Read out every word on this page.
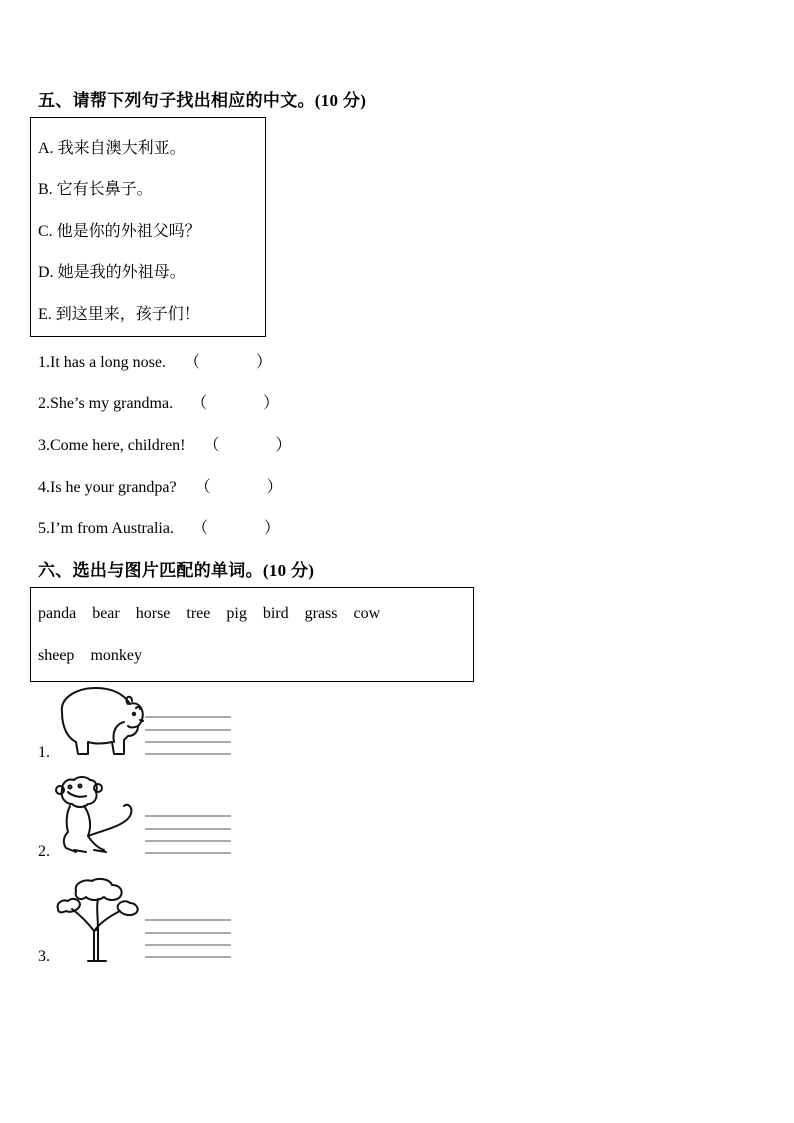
五、请帮下列句子找出相应的中文。(10 分)
A. 我来自澳大利亚。
B. 它有长鼻子。
C. 他是你的外祖父吗？
D. 她是我的外祖母。
E. 到这里来，孩子们！
1.It has a long nose. （	）
2.She’s my grandma. （	）
3.Come here, children! （	）
4.Is he your grandpa? （	）
5.I’m from Australia. （	）
六、选出与图片匹配的单词。(10 分)
panda bear horse tree pig bird grass cow
sheep monkey
1.
2.
3.
